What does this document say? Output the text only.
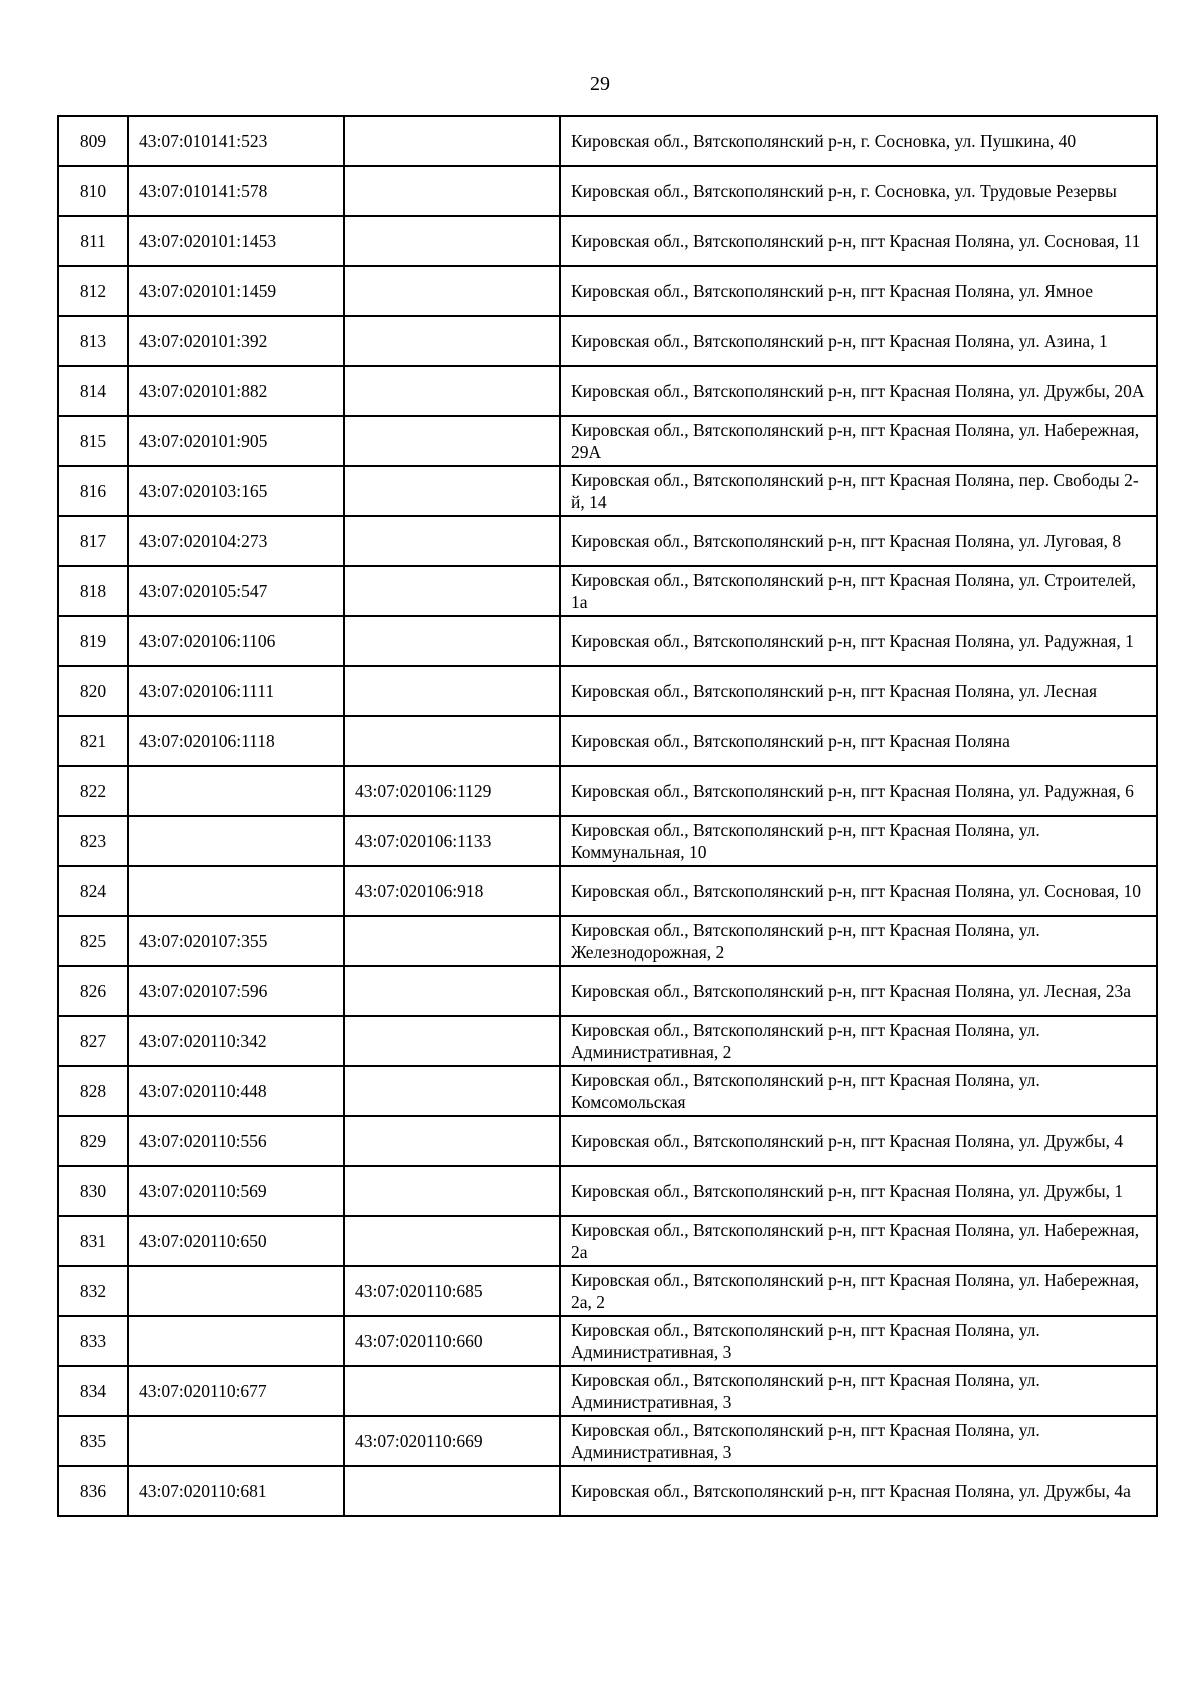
29
809	43:07:010141:523		Кировская обл., Вятскополянский р-н, г. Сосновка, ул. Пушкина, 40
810	43:07:010141:578		Кировская обл., Вятскополянский р-н, г. Сосновка, ул. Трудовые Резервы
811	43:07:020101:1453		Кировская обл., Вятскополянский р-н, пгт Красная Поляна, ул. Сосновая, 11
812	43:07:020101:1459		Кировская обл., Вятскополянский р-н, пгт Красная Поляна, ул. Ямное
813	43:07:020101:392		Кировская обл., Вятскополянский р-н, пгт Красная Поляна, ул. Азина, 1
814	43:07:020101:882		Кировская обл., Вятскополянский р-н, пгт Красная Поляна, ул. Дружбы, 20А
815	43:07:020101:905		Кировская обл., Вятскополянский р-н, пгт Красная Поляна, ул. Набережная, 29А
816	43:07:020103:165		Кировская обл., Вятскополянский р-н, пгт Красная Поляна, пер. Свободы 2-й, 14
817	43:07:020104:273		Кировская обл., Вятскополянский р-н, пгт Красная Поляна, ул. Луговая, 8
818	43:07:020105:547		Кировская обл., Вятскополянский р-н, пгт Красная Поляна, ул. Строителей, 1а
819	43:07:020106:1106		Кировская обл., Вятскополянский р-н, пгт Красная Поляна, ул. Радужная, 1
820	43:07:020106:1111		Кировская обл., Вятскополянский р-н, пгт Красная Поляна, ул. Лесная
821	43:07:020106:1118		Кировская обл., Вятскополянский р-н, пгт Красная Поляна
822		43:07:020106:1129	Кировская обл., Вятскополянский р-н, пгт Красная Поляна, ул. Радужная, 6
823		43:07:020106:1133	Кировская обл., Вятскополянский р-н, пгт Красная Поляна, ул. Коммунальная, 10
824		43:07:020106:918	Кировская обл., Вятскополянский р-н, пгт Красная Поляна, ул. Сосновая, 10
825	43:07:020107:355		Кировская обл., Вятскополянский р-н, пгт Красная Поляна, ул. Железнодорожная, 2
826	43:07:020107:596		Кировская обл., Вятскополянский р-н, пгт Красная Поляна, ул. Лесная, 23а
827	43:07:020110:342		Кировская обл., Вятскополянский р-н, пгт Красная Поляна, ул. Административная, 2
828	43:07:020110:448		Кировская обл., Вятскополянский р-н, пгт Красная Поляна, ул. Комсомольская
829	43:07:020110:556		Кировская обл., Вятскополянский р-н, пгт Красная Поляна, ул. Дружбы, 4
830	43:07:020110:569		Кировская обл., Вятскополянский р-н, пгт Красная Поляна, ул. Дружбы, 1
831	43:07:020110:650		Кировская обл., Вятскополянский р-н, пгт Красная Поляна, ул. Набережная, 2а
832		43:07:020110:685	Кировская обл., Вятскополянский р-н, пгт Красная Поляна, ул. Набережная, 2а, 2
833		43:07:020110:660	Кировская обл., Вятскополянский р-н, пгт Красная Поляна, ул. Административная, 3
834	43:07:020110:677		Кировская обл., Вятскополянский р-н, пгт Красная Поляна, ул. Административная, 3
835		43:07:020110:669	Кировская обл., Вятскополянский р-н, пгт Красная Поляна, ул. Административная, 3
836	43:07:020110:681		Кировская обл., Вятскополянский р-н, пгт Красная Поляна, ул. Дружбы, 4а
